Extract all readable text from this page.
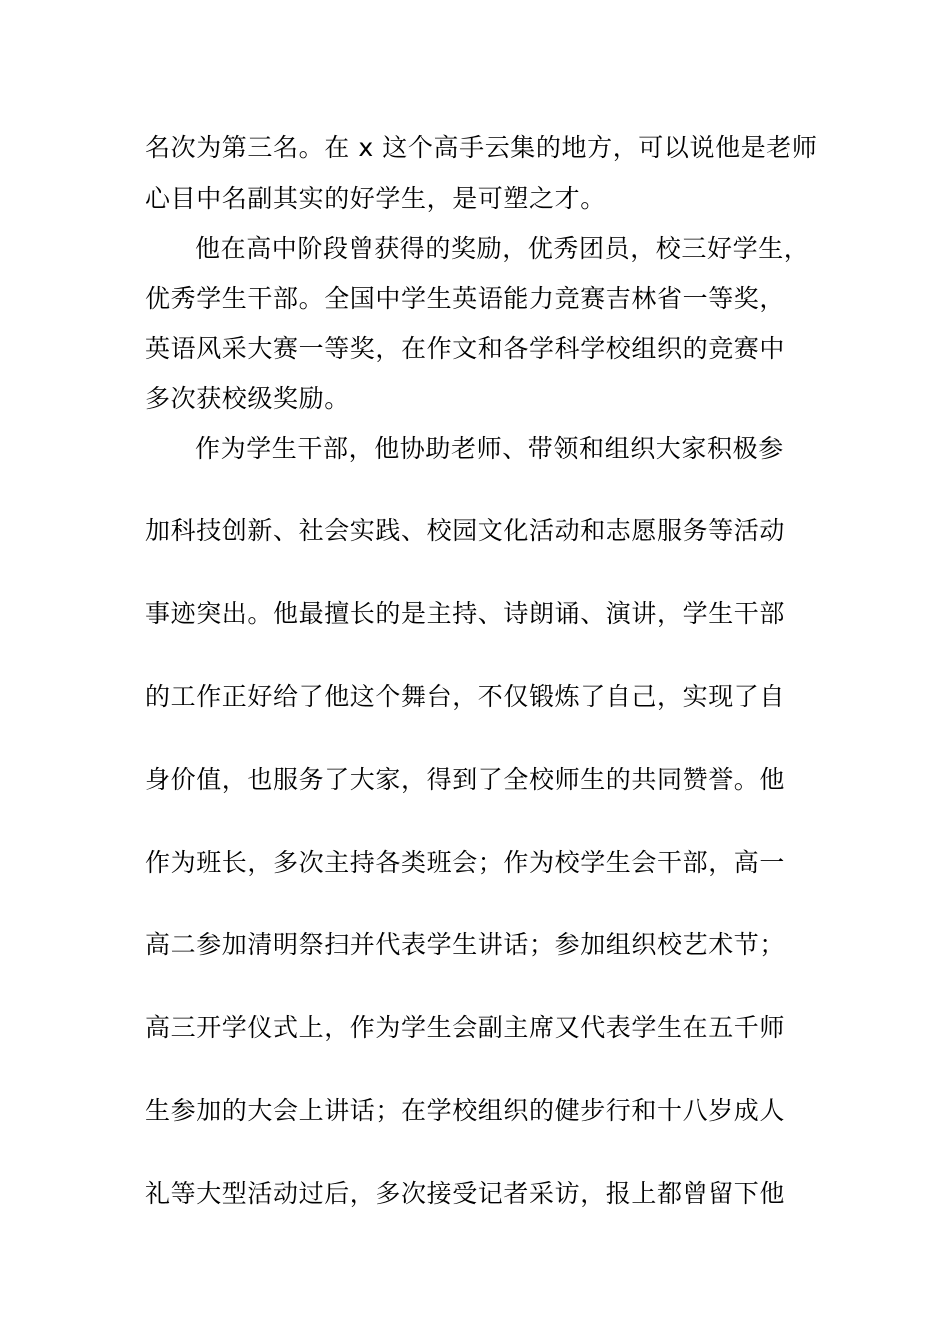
名次为第三名。在 x 这个高手云集的地方，可以说他是老师
心目中名副其实的好学生，是可塑之才。
他在高中阶段曾获得的奖励，优秀团员，校三好学生，
优秀学生干部。全国中学生英语能力竞赛吉林省一等奖，
英语风采大赛一等奖，在作文和各学科学校组织的竞赛中
多次获校级奖励。
作为学生干部，他协助老师、带领和组织大家积极参
加科技创新、社会实践、校园文化活动和志愿服务等活动
事迹突出。他最擅长的是主持、诗朗诵、演讲，学生干部
的工作正好给了他这个舞台，不仅锻炼了自己，实现了自
身价值，也服务了大家，得到了全校师生的共同赞誉。他
作为班长，多次主持各类班会；作为校学生会干部，高一
高二参加清明祭扫并代表学生讲话；参加组织校艺术节；
高三开学仪式上，作为学生会副主席又代表学生在五千师
生参加的大会上讲话；在学校组织的健步行和十八岁成人
礼等大型活动过后，多次接受记者采访，报上都曾留下他
